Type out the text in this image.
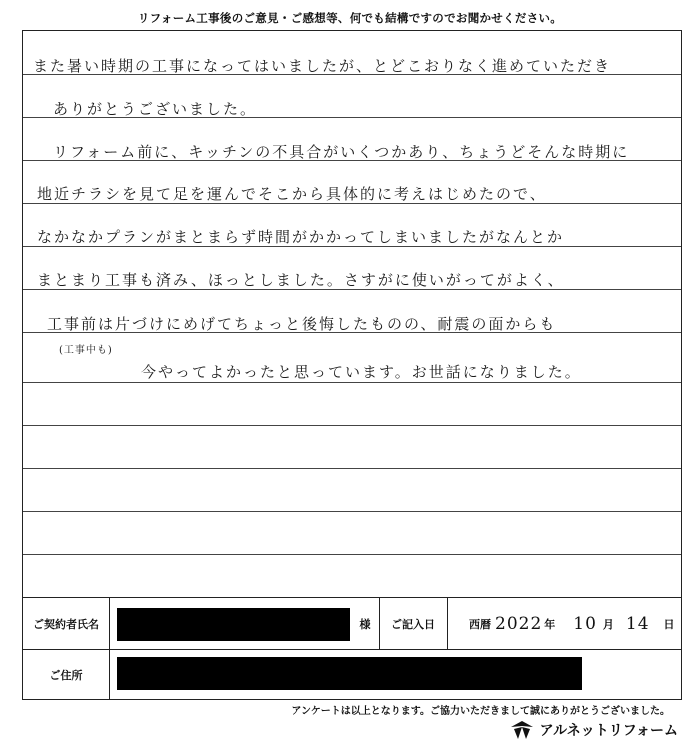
リフォーム工事後のご意見・ご感想等、何でも結構ですのでお聞かせください。
また暑い時期の工事になってはいましたが、とどこおりなく進めていただき
ありがとうございました。
リフォーム前に、キッチンの不具合がいくつかあり、ちょうどそんな時期に
地近チラシを見て足を運んでそこから具体的に考えはじめたので、
なかなかプランがまとまらず時間がかかってしまいましたがなんとか
まとまり工事も済み、ほっとしました。さすがに使いがってがよく、
工事前は片づけにめげてちょっと後悔したものの、耐震の面からも
(工事中も)
今やってよかったと思っています。お世話になりました。
ご契約者氏名	様	ご記入日	西暦 2022 年 10 月 14 日
ご住所
アンケートは以上となります。ご協力いただきまして誠にありがとうございました。
アルネットリフォーム
